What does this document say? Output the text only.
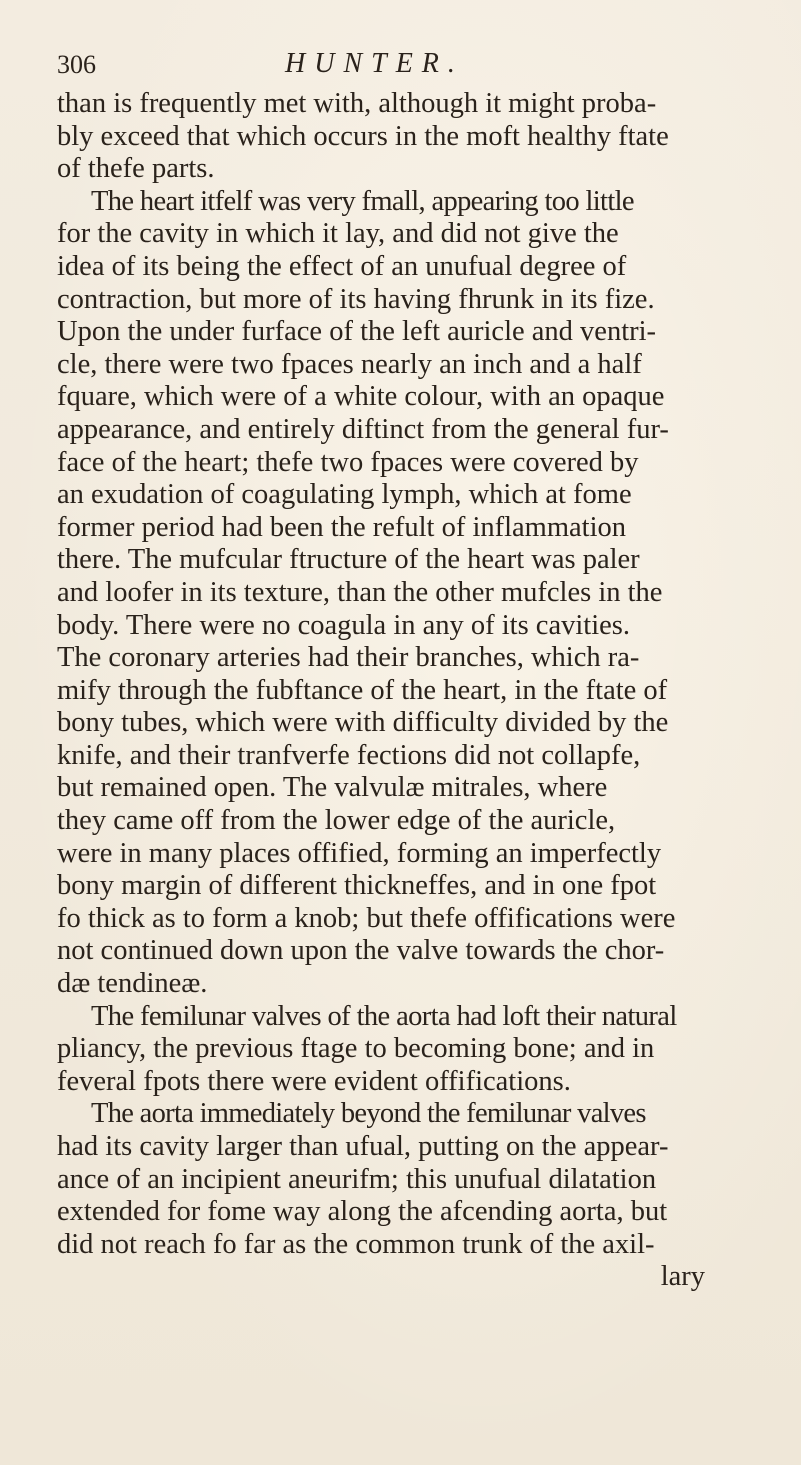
306	HUNTER.
than is frequently met with, although it might proba-
bly exceed that which occurs in the moft healthy ftate
of thefe parts.
The heart itfelf was very fmall, appearing too little
for the cavity in which it lay, and did not give the
idea of its being the effect of an unufual degree of
contraction, but more of its having fhrunk in its fize.
Upon the under furface of the left auricle and ventri-
cle, there were two fpaces nearly an inch and a half
fquare, which were of a white colour, with an opaque
appearance, and entirely diftinct from the general fur-
face of the heart; thefe two fpaces were covered by
an exudation of coagulating lymph, which at fome
former period had been the refult of inflammation
there. The mufcular ftructure of the heart was paler
and loofer in its texture, than the other mufcles in the
body. There were no coagula in any of its cavities.
The coronary arteries had their branches, which ra-
mify through the fubftance of the heart, in the ftate of
bony tubes, which were with difficulty divided by the
knife, and their tranfverfe fections did not collapfe,
but remained open. The valvulæ mitrales, where
they came off from the lower edge of the auricle,
were in many places offified, forming an imperfectly
bony margin of different thickneffes, and in one fpot
fo thick as to form a knob; but thefe offifications were
not continued down upon the valve towards the chor-
dæ tendineæ.
The femilunar valves of the aorta had loft their natural
pliancy, the previous ftage to becoming bone; and in
feveral fpots there were evident offifications.
The aorta immediately beyond the femilunar valves
had its cavity larger than ufual, putting on the appear-
ance of an incipient aneurifm; this unufual dilatation
extended for fome way along the afcending aorta, but
did not reach fo far as the common trunk of the axil-
lary
